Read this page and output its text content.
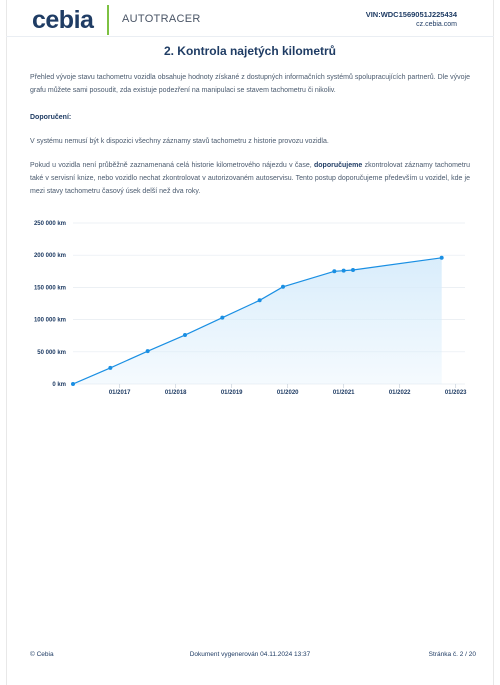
cebia	AUTOTRACER	VIN:WDC1569051J225434
cz.cebia.com
2. Kontrola najetých kilometrů

Přehled vývoje stavu tachometru vozidla obsahuje hodnoty získané z dostupných informačních systémů spolupracujících partnerů. Dle vývoje grafu můžete sami posoudit, zda existuje podezření na manipulaci se stavem tachometru či nikoliv.

Doporučení:

V systému nemusí být k dispozici všechny záznamy stavů tachometru z historie provozu vozidla.

Pokud u vozidla není průběžně zaznamenaná celá historie kilometrového nájezdu v čase, doporučujeme zkontrolovat záznamy tachometru také v servisní knize, nebo vozidlo nechat zkontrolovat v autorizovaném autoservisu. Tento postup doporučujeme především u vozidel, kde je mezi stavy tachometru časový úsek delší než dva roky.

0 km
50 000 km
100 000 km
150 000 km
200 000 km
250 000 km
01/2017	01/2018	01/2019	01/2020	01/2021	01/2022	01/2023
© Cebia	Dokument vygenerován 04.11.2024 13:37	Stránka č. 2 / 20
